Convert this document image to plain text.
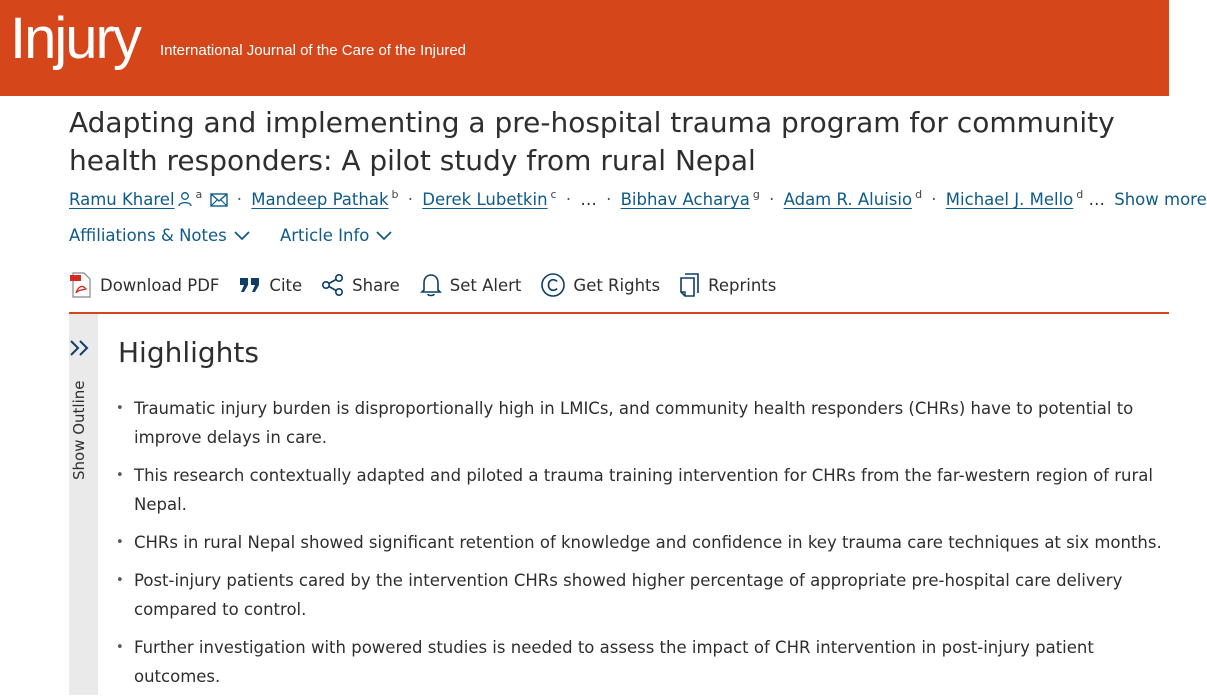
Injury International Journal of the Care of the Injured
Adapting and implementing a pre-hospital trauma program for community health responders: A pilot study from rural Nepal
Ramu Kharel $^a$ · Mandeep Pathak $^b$ · Derek Lubetkin $^c$ · … · Bibhav Acharya $^g$ · Adam R. Aluisio $^d$ · Michael J. Mello $^d$ … Show more
Affiliations & Notes
	Article Info
Download PDF	Cite	Share	Set Alert	Get Rights	Reprints
Show Outline
Highlights
• Traumatic injury burden is disproportionally high in LMICs, and community health responders (CHRs) have to potential to improve delays in care.
• This research contextually adapted and piloted a trauma training intervention for CHRs from the far-western region of rural Nepal.
• CHRs in rural Nepal showed significant retention of knowledge and confidence in key trauma care techniques at six months.
• Post-injury patients cared by the intervention CHRs showed higher percentage of appropriate pre-hospital care delivery compared to control.
• Further investigation with powered studies is needed to assess the impact of CHR intervention in post-injury patient outcomes.
